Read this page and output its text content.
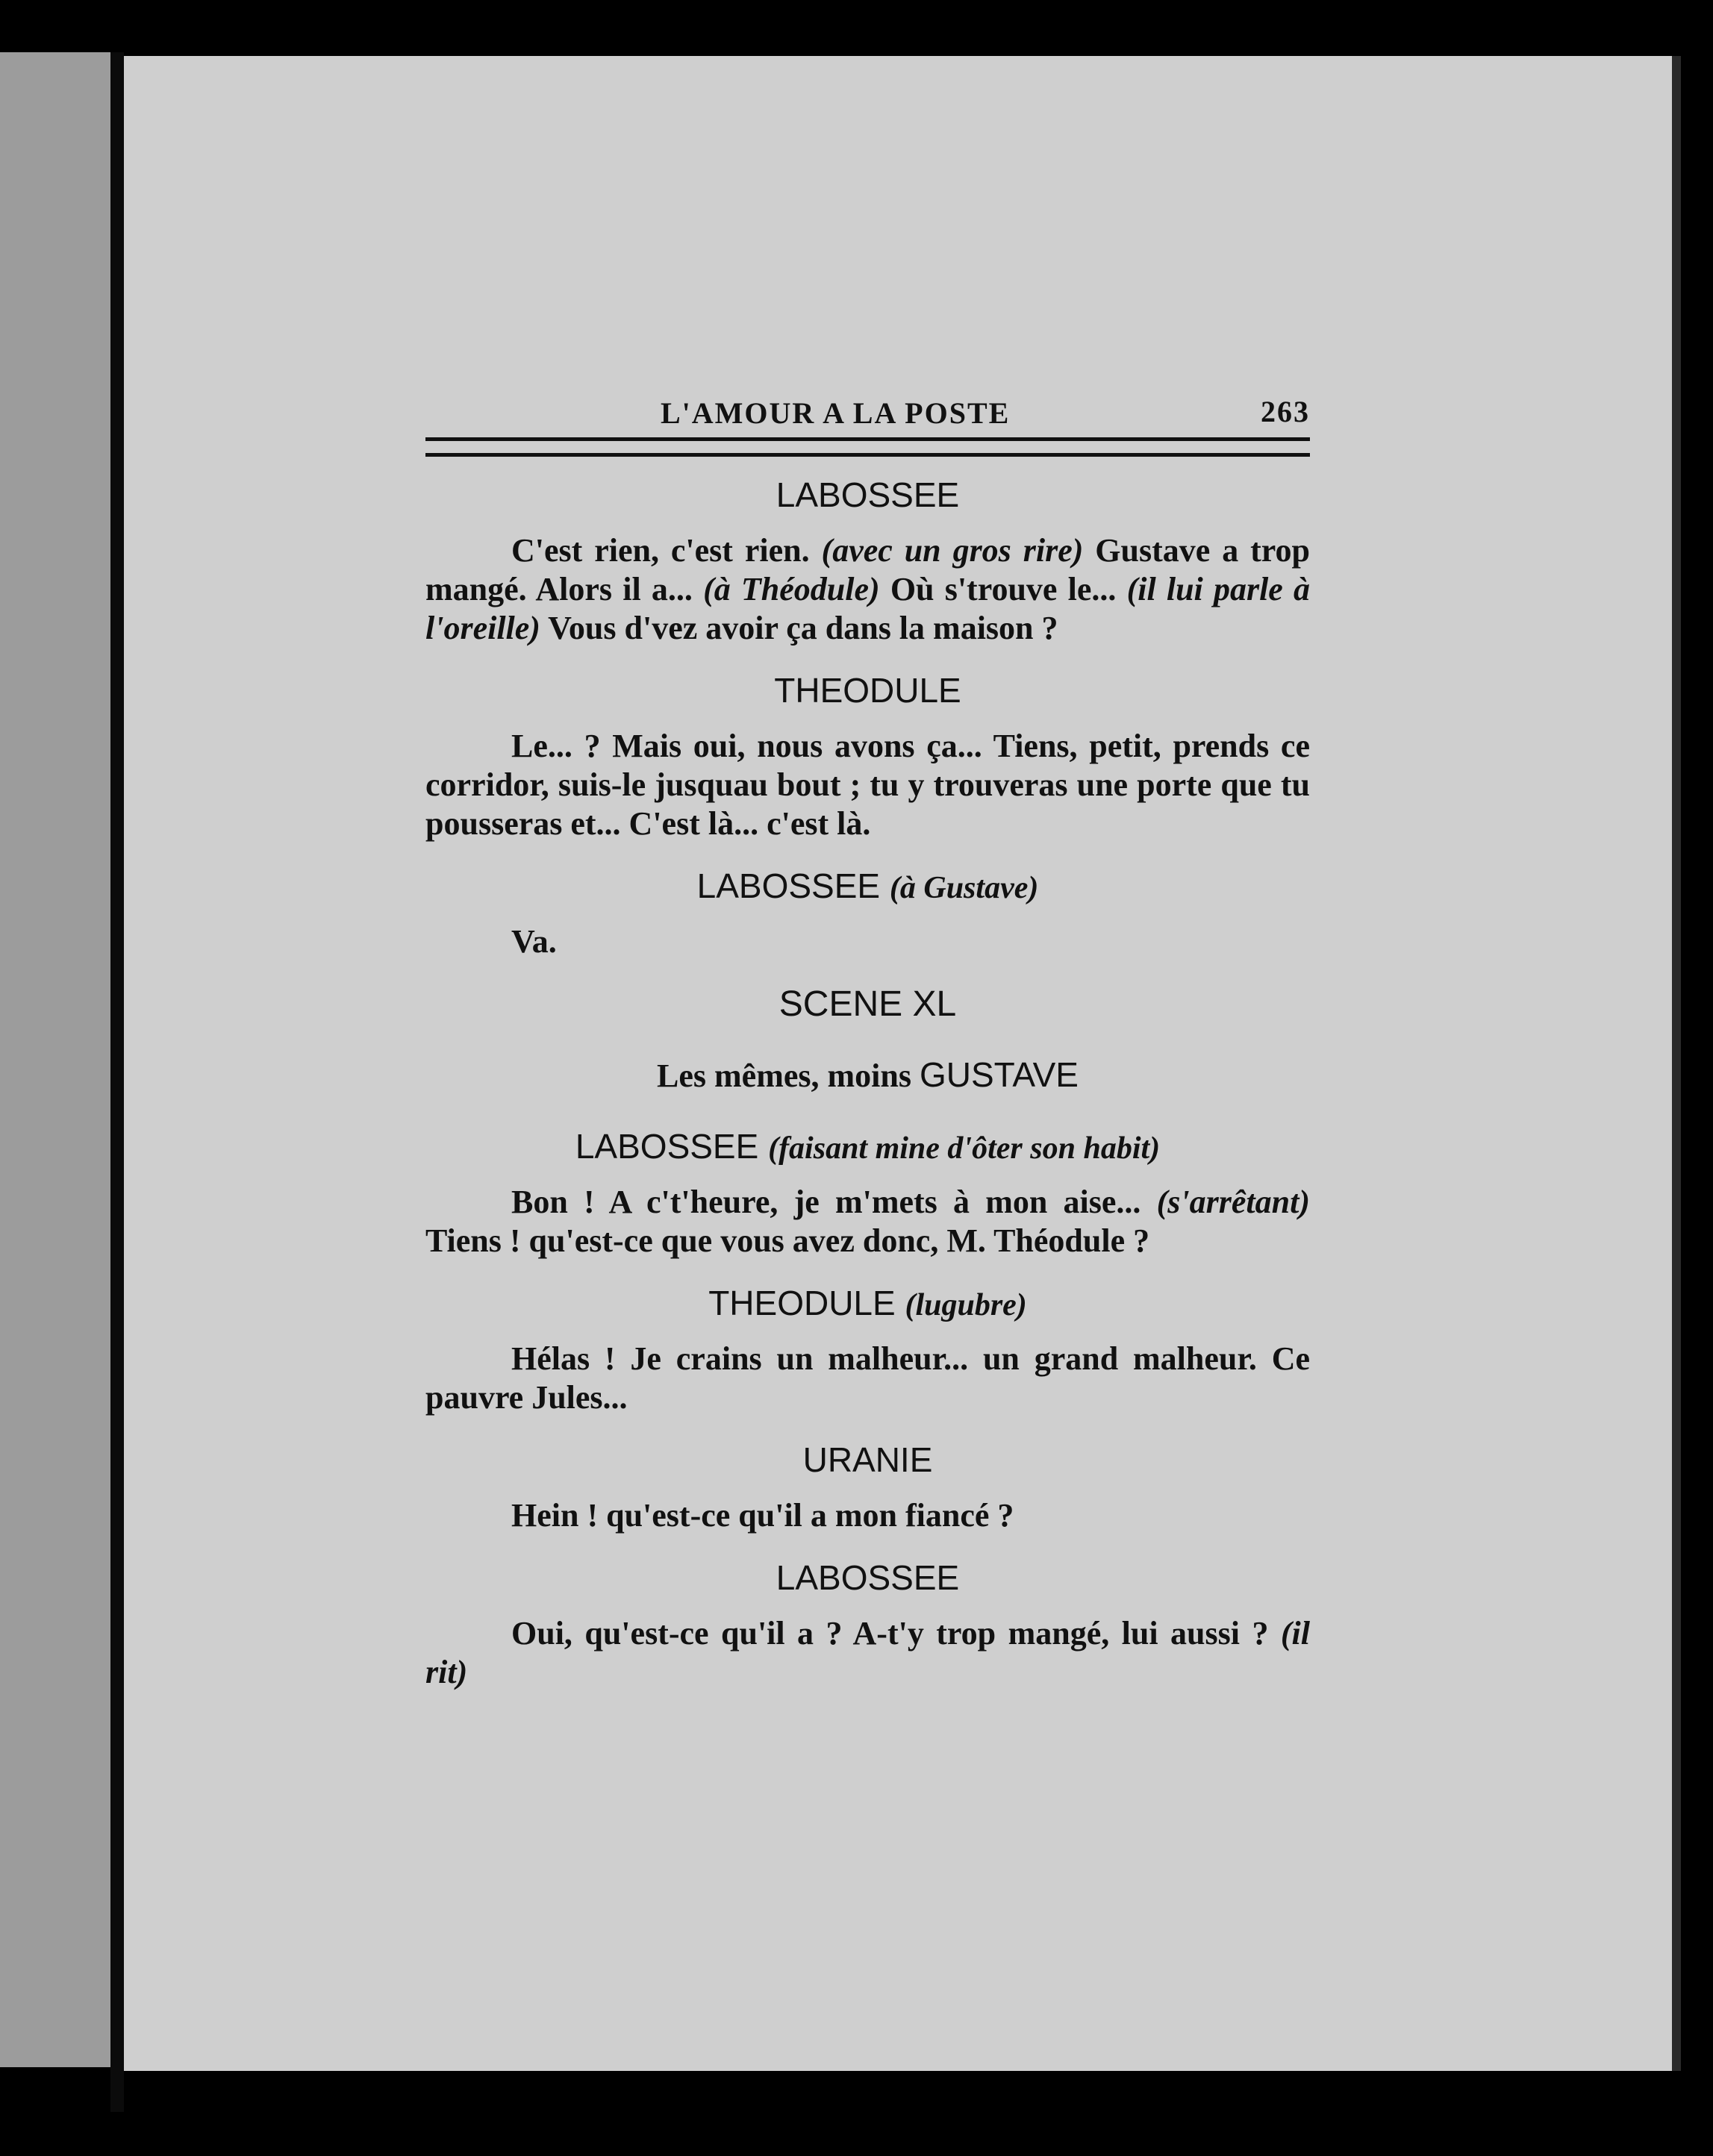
L'AMOUR A LA POSTE	263
LABOSSEE
C'est rien, c'est rien. (avec un gros rire) Gustave a trop mangé. Alors il a... (à Théodule) Où s'trouve le... (il lui parle à l'oreille) Vous d'vez avoir ça dans la maison ?
THEODULE
Le... ? Mais oui, nous avons ça... Tiens, petit, prends ce corridor, suis-le jusquau bout ; tu y trouveras une porte que tu pousseras et... C'est là... c'est là.
LABOSSEE (à Gustave)
Va.
SCENE XL
Les mêmes, moins GUSTAVE
LABOSSEE (faisant mine d'ôter son habit)
Bon ! A c't'heure, je m'mets à mon aise... (s'arrêtant) Tiens ! qu'est-ce que vous avez donc, M. Théodule ?
THEODULE (lugubre)
Hélas ! Je crains un malheur... un grand malheur. Ce pauvre Jules...
URANIE
Hein ! qu'est-ce qu'il a mon fiancé ?
LABOSSEE
Oui, qu'est-ce qu'il a ? A-t'y trop mangé, lui aussi ? (il rit)
